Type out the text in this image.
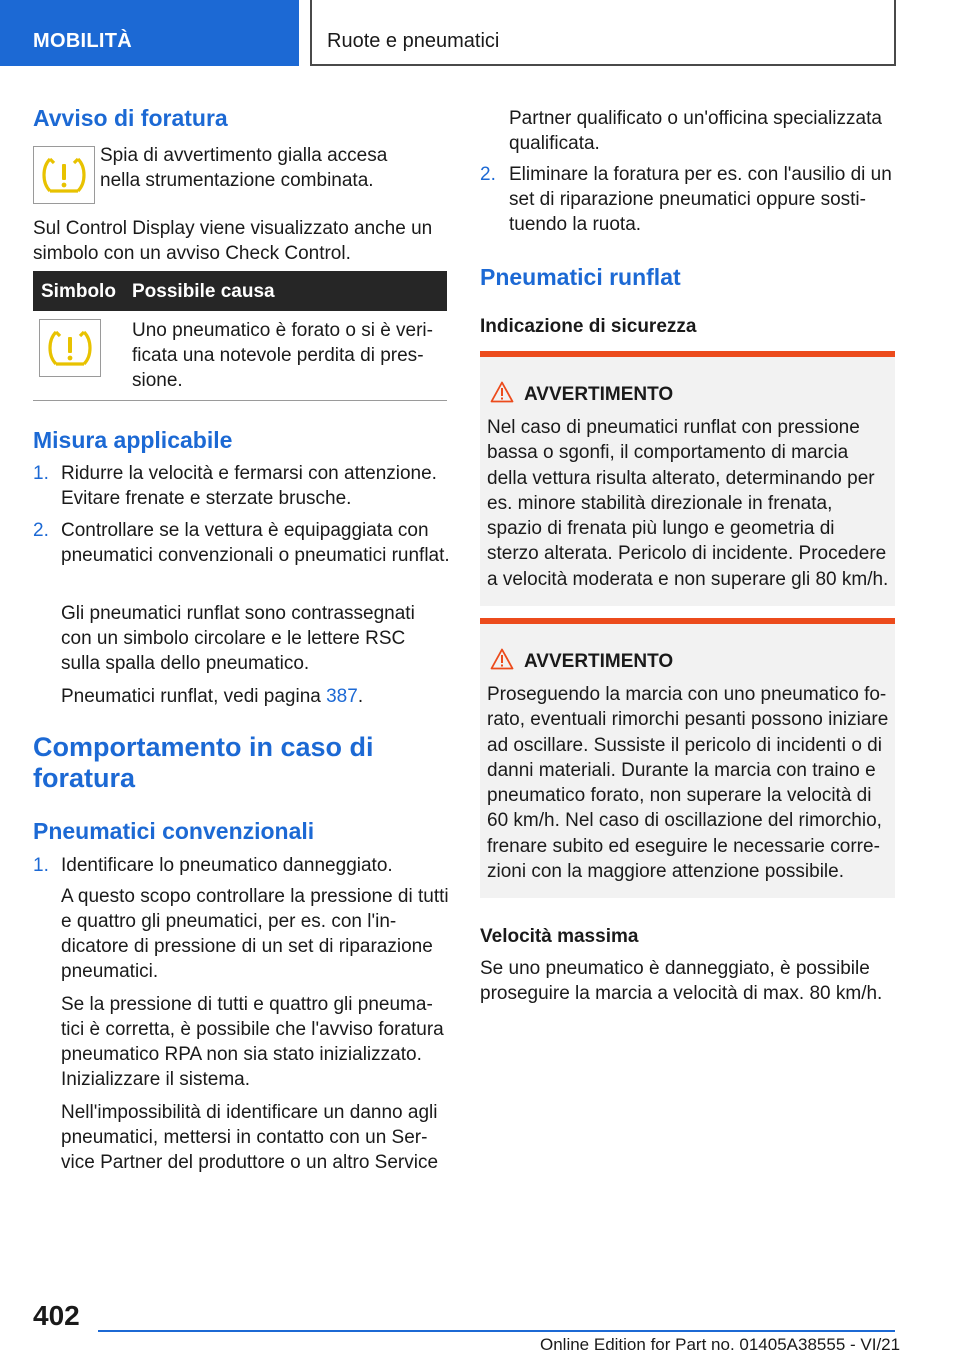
MOBILITÀ	Ruote e pneumatici
Avviso di foratura
Spia di avvertimento gialla accesa nella strumentazione combinata.
Sul Control Display viene visualizzato anche un simbolo con un avviso Check Control.
Simbolo Possibile causa
Uno pneumatico è forato o si è verificata una notevole perdita di pressione.
Misura applicabile
1. Ridurre la velocità e fermarsi con attenzione. Evitare frenate e sterzate brusche.
2. Controllare se la vettura è equipaggiata con pneumatici convenzionali o pneumatici runflat.
Gli pneumatici runflat sono contrassegnati con un simbolo circolare e le lettere RSC sulla spalla dello pneumatico.
Pneumatici runflat, vedi pagina 387.
Comportamento in caso di foratura
Pneumatici convenzionali
1. Identificare lo pneumatico danneggiato.
A questo scopo controllare la pressione di tutti e quattro gli pneumatici, per es. con l'indicatore di pressione di un set di riparazione pneumatici.
Se la pressione di tutti e quattro gli pneumatici è corretta, è possibile che l'avviso foratura pneumatico RPA non sia stato inizializzato. Inizializzare il sistema.
Nell'impossibilità di identificare un danno agli pneumatici, mettersi in contatto con un Service Partner del produttore o un altro Service
Partner qualificato o un'officina specializzata qualificata.
2. Eliminare la foratura per es. con l'ausilio di un set di riparazione pneumatici oppure sostituendo la ruota.
Pneumatici runflat
Indicazione di sicurezza
AVVERTIMENTO
Nel caso di pneumatici runflat con pressione bassa o sgonfi, il comportamento di marcia della vettura risulta alterato, determinando per es. minore stabilità direzionale in frenata, spazio di frenata più lungo e geometria di sterzo alterata. Pericolo di incidente. Procedere a velocità moderata e non superare gli 80 km/h.
AVVERTIMENTO
Proseguendo la marcia con uno pneumatico forato, eventuali rimorchi pesanti possono iniziare ad oscillare. Sussiste il pericolo di incidenti o di danni materiali. Durante la marcia con traino e pneumatico forato, non superare la velocità di 60 km/h. Nel caso di oscillazione del rimorchio, frenare subito ed eseguire le necessarie correzioni con la maggiore attenzione possibile.
Velocità massima
Se uno pneumatico è danneggiato, è possibile proseguire la marcia a velocità di max. 80 km/h.
402
Online Edition for Part no. 01405A38555 - VI/21
